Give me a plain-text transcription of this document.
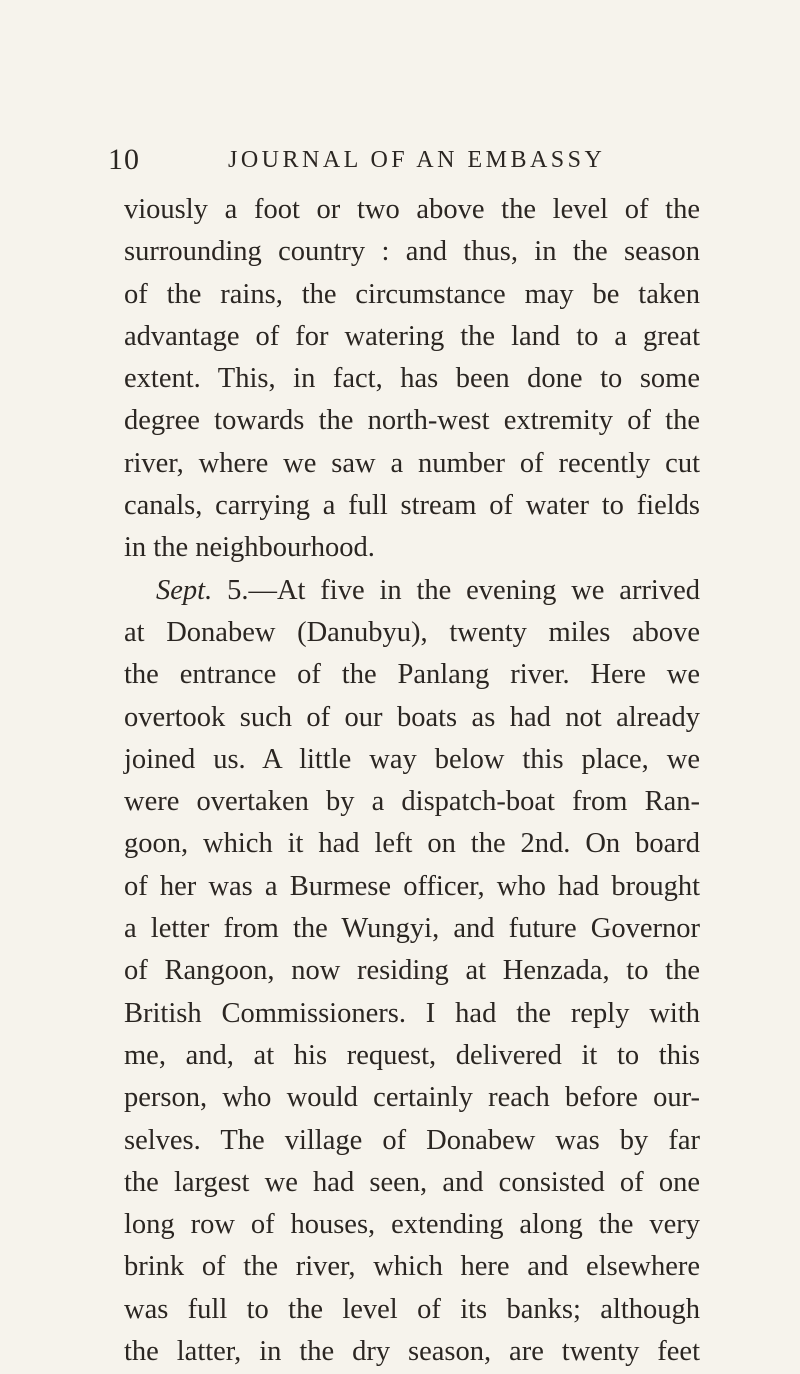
10	JOURNAL OF AN EMBASSY
viously a foot or two above the level of the
surrounding country : and thus, in the season
of the rains, the circumstance may be taken
advantage of for watering the land to a great
extent. This, in fact, has been done to some
degree towards the north-west extremity of the
river, where we saw a number of recently cut
canals, carrying a full stream of water to fields
in the neighbourhood.
Sept. 5.—At five in the evening we arrived
at Donabew (Danubyu), twenty miles above
the entrance of the Panlang river. Here we
overtook such of our boats as had not already
joined us. A little way below this place, we
were overtaken by a dispatch-boat from Ran-
goon, which it had left on the 2nd. On board
of her was a Burmese officer, who had brought
a letter from the Wungyi, and future Governor
of Rangoon, now residing at Henzada, to the
British Commissioners. I had the reply with
me, and, at his request, delivered it to this
person, who would certainly reach before our-
selves. The village of Donabew was by far
the largest we had seen, and consisted of one
long row of houses, extending along the very
brink of the river, which here and elsewhere
was full to the level of its banks; although
the latter, in the dry season, are twenty feet
